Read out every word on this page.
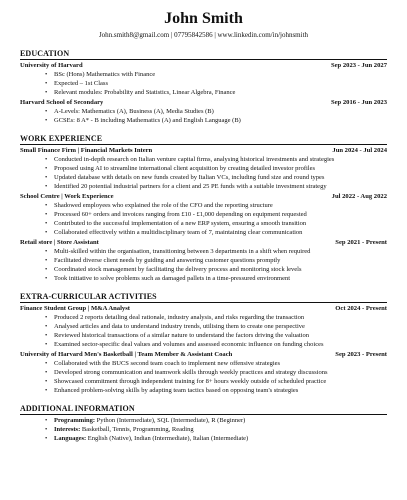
John Smith
John.smith8@gmail.com | 07795842586 | www.linkedin.com/in/johnsmith
EDUCATION
University of Harvard	Sep 2023 - Jun 2027
• BSc (Hons) Mathematics with Finance
• Expected – 1st Class
• Relevant modules: Probability and Statistics, Linear Algebra, Finance
Harvard School of Secondary	Sep 2016 - Jun 2023
• A-Levels: Mathematics (A), Business (A), Media Studies (B)
• GCSEs: 8 A* - B including Mathematics (A) and English Language (B)
WORK EXPERIENCE
Small Finance Firm | Financial Markets Intern	Jun 2024 - Jul 2024
• Conducted in-depth research on Italian venture capital firms, analysing historical investments and strategies
• Proposed using AI to streamline international client acquisition by creating detailed investor profiles
• Updated database with details on new funds created by Italian VCs, including fund size and round types
• Identified 20 potential industrial partners for a client and 25 PE funds with a suitable investment strategy
School Centre | Work Experience	Jul 2022 - Aug 2022
• Shadowed employees who explained the role of the CFO and the reporting structure
• Processed 60+ orders and invoices ranging from £10 - £1,000 depending on equipment requested
• Contributed to the successful implementation of a new ERP system, ensuring a smooth transition
• Collaborated effectively within a multidisciplinary team of 7, maintaining clear communication
Retail store | Store Assistant	Sep 2021 - Present
• Multi-skilled within the organisation, transitioning between 3 departments in a shift when required
• Facilitated diverse client needs by guiding and answering customer questions promptly
• Coordinated stock management by facilitating the delivery process and monitoring stock levels
• Took initiative to solve problems such as damaged pallets in a time-pressured environment
EXTRA-CURRICULAR ACTIVITIES
Finance Student Group | M&A Analyst	Oct 2024 - Present
• Produced 2 reports detailing deal rationale, industry analysis, and risks regarding the transaction
• Analysed articles and data to understand industry trends, utilising them to create one perspective
• Reviewed historical transactions of a similar nature to understand the factors driving the valuation
• Examined sector-specific deal values and volumes and assessed economic influence on funding choices
University of Harvard Men's Basketball | Team Member & Assistant Coach	Sep 2023 - Present
• Collaborated with the BUCS second team coach to implement new offensive strategies
• Developed strong communication and teamwork skills through weekly practices and strategy discussions
• Showcased commitment through independent training for 8+ hours weekly outside of scheduled practice
• Enhanced problem-solving skills by adapting team tactics based on opposing team's strategies
ADDITIONAL INFORMATION
• Programming: Python (Intermediate), SQL (Intermediate), R (Beginner)
• Interests: Basketball, Tennis, Programming, Reading
• Languages: English (Native), Indian (Intermediate), Italian (Intermediate)
